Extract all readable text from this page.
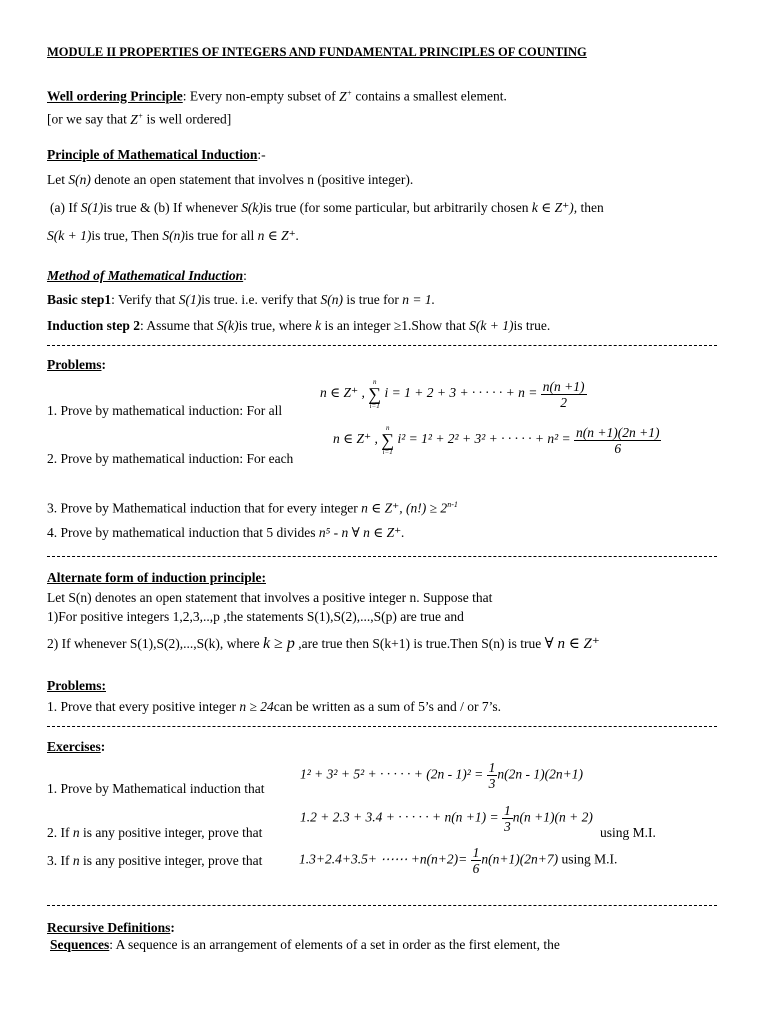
MODULE II PROPERTIES OF INTEGERS AND FUNDAMENTAL PRINCIPLES OF COUNTING
Well ordering Principle: Every non-empty subset of Z+ contains a smallest element.
[or we say that Z+ is well ordered]
Principle of Mathematical Induction:-
Let S(n) denote an open statement that involves n (positive integer).
(a) If S(1)is true & (b) If whenever S(k)is true (for some particular, but arbitrarily chosen k ∈ Z⁺), then
S(k + 1)is true, Then S(n)is true for all n ∈ Z⁺.
Method of Mathematical Induction:
Basic step1: Verify that S(1)is true. i.e. verify that S(n) is true for n = 1.
Induction step 2: Assume that S(k)is true, where k is an integer ≥1.Show that S(k + 1)is true.
Problems:
1. Prove by mathematical induction: For all
n ∈ Z⁺ ,
n
∑
i=1
i = 1 + 2 + 3 + · · · · · + $n = \frac{n(n +1)}{2}$
2. Prove by mathematical induction: For each
n ∈ Z⁺ ,
n
∑
i=1
i² = 1² + 2² + 3² + · · · · · + $n^2 = \frac{n(n +1)(2n +1)}{6}$
3. Prove by Mathematical induction that for every integer n ∈ Z⁺, $(n!) \ge 2^{n-1}$
4. Prove by mathematical induction that 5 divides n⁵ - n ∀ n ∈ Z⁺.
Alternate form of induction principle:
Let S(n) denotes an open statement that involves a positive integer n. Suppose that
1)For positive integers 1,2,3,..,p ,the statements S(1),S(2),...,S(p) are true and
2) If whenever S(1),S(2),...,S(k), where k ≥ p ,are true then S(k+1) is true.Then S(n) is true ∀ n ∈ Z⁺
Problems:
1. Prove that every positive integer n ≥ 24can be written as a sum of 5’s and / or 7’s.
Exercises:
1. Prove by Mathematical induction that
1² + 3² + 5² + · · · · · + $(2n - 1)^2 = \frac{1}{3} n(2n - 1)(2n+1)$
2. If n is any positive integer, prove that
1.2 + 2.3 + 3.4 + · · · · · + $n(n +1) = \frac{1}{3} n(n +1)(n + 2)$
using M.I.
3. If n is any positive integer, prove that	1.3+2.4+3.5+ ⋯⋯ $+n(n+2)= \frac{1}{6} n(n+1)(2n+7)$ using M.I.
Recursive Definitions:
Sequences: A sequence is an arrangement of elements of a set in order as the first element, the
